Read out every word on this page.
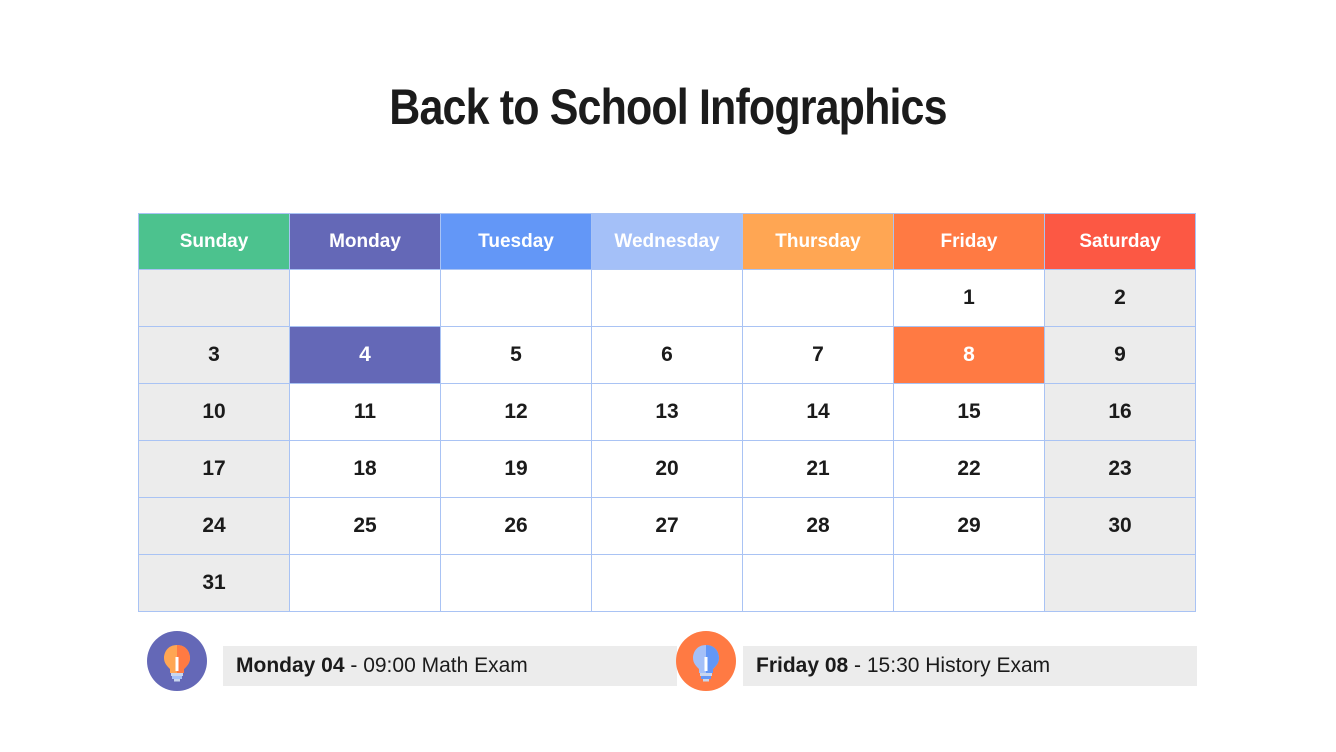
Back to School Infographics
Sunday	Monday	Tuesday	Wednesday	Thursday	Friday	Saturday
					1	2
3	4	5	6	7	8	9
10	11	12	13	14	15	16
17	18	19	20	21	22	23
24	25	26	27	28	29	30
31						
Monday 04 - 09:00 Math Exam	Friday 08 - 15:30 History Exam
